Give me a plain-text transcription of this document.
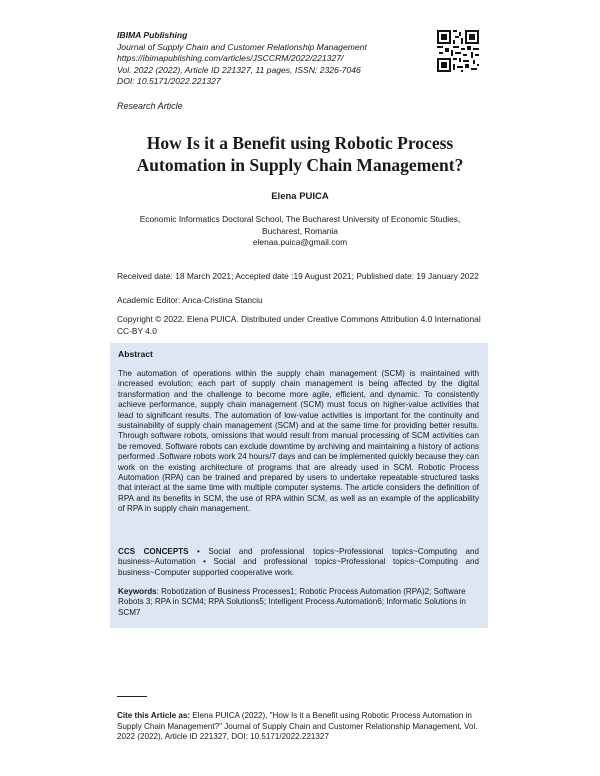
IBIMA Publishing
Journal of Supply Chain and Customer Relationship Management
https://ibimapublishing.com/articles/JSCCRM/2022/221327/
Vol. 2022 (2022), Article ID 221327, 11 pages, ISSN: 2326-7046
DOI: 10.5171/2022.221327
Research Article
How Is it a Benefit using Robotic Process
Automation in Supply Chain Management?
Elena PUICA
Economic Informatics Doctoral School, The Bucharest University of Economic Studies,
Bucharest, Romania
elenaa.puica@gmail.com
Received date: 18 March 2021; Accepted date :19 August 2021; Published date: 19 January 2022
Academic Editor: Anca-Cristina Stanciu
Copyright © 2022. Elena PUICA. Distributed under Creative Commons Attribution 4.0 International CC-BY 4.0
Abstract
The automation of operations within the supply chain management (SCM) is maintained with increased evolution; each part of supply chain management is being affected by the digital transformation and the challenge to become more agile, efficient, and dynamic. To consistently achieve performance, supply chain management (SCM) must focus on higher-value activities that lead to significant results. The automation of low-value activities is important for the continuity and sustainability of supply chain management (SCM) and at the same time for providing better results. Through software robots, omissions that would result from manual processing of SCM activities can be removed. Software robots can exclude downtime by archiving and maintaining a history of actions performed .Software robots work 24 hours/7 days and can be implemented quickly because they can work on the existing architecture of programs that are already used in SCM. Robotic Process Automation (RPA) can be trained and prepared by users to undertake repeatable structured tasks that interact at the same time with multiple computer systems. The article considers the definition of RPA and its benefits in SCM, the use of RPA within SCM, as well as an example of the applicability of RPA in supply chain management.
CCS CONCEPTS • Social and professional topics~Professional topics~Computing and business~Automation • Social and professional topics~Professional topics~Computing and business~Computer supported cooperative work.
Keywords: Robotization of Business Processes1; Robotic Process Automation (RPA)2; Software Robots 3; RPA in SCM4; RPA Solutions5; Intelligent Process Automation6; Informatic Solutions in SCM7
Cite this Article as: Elena PUICA (2022), "How Is it a Benefit using Robotic Process Automation in Supply Chain Management?" Journal of Supply Chain and Customer Relationship Management, Vol. 2022 (2022), Article ID 221327, DOI: 10.5171/2022.221327
